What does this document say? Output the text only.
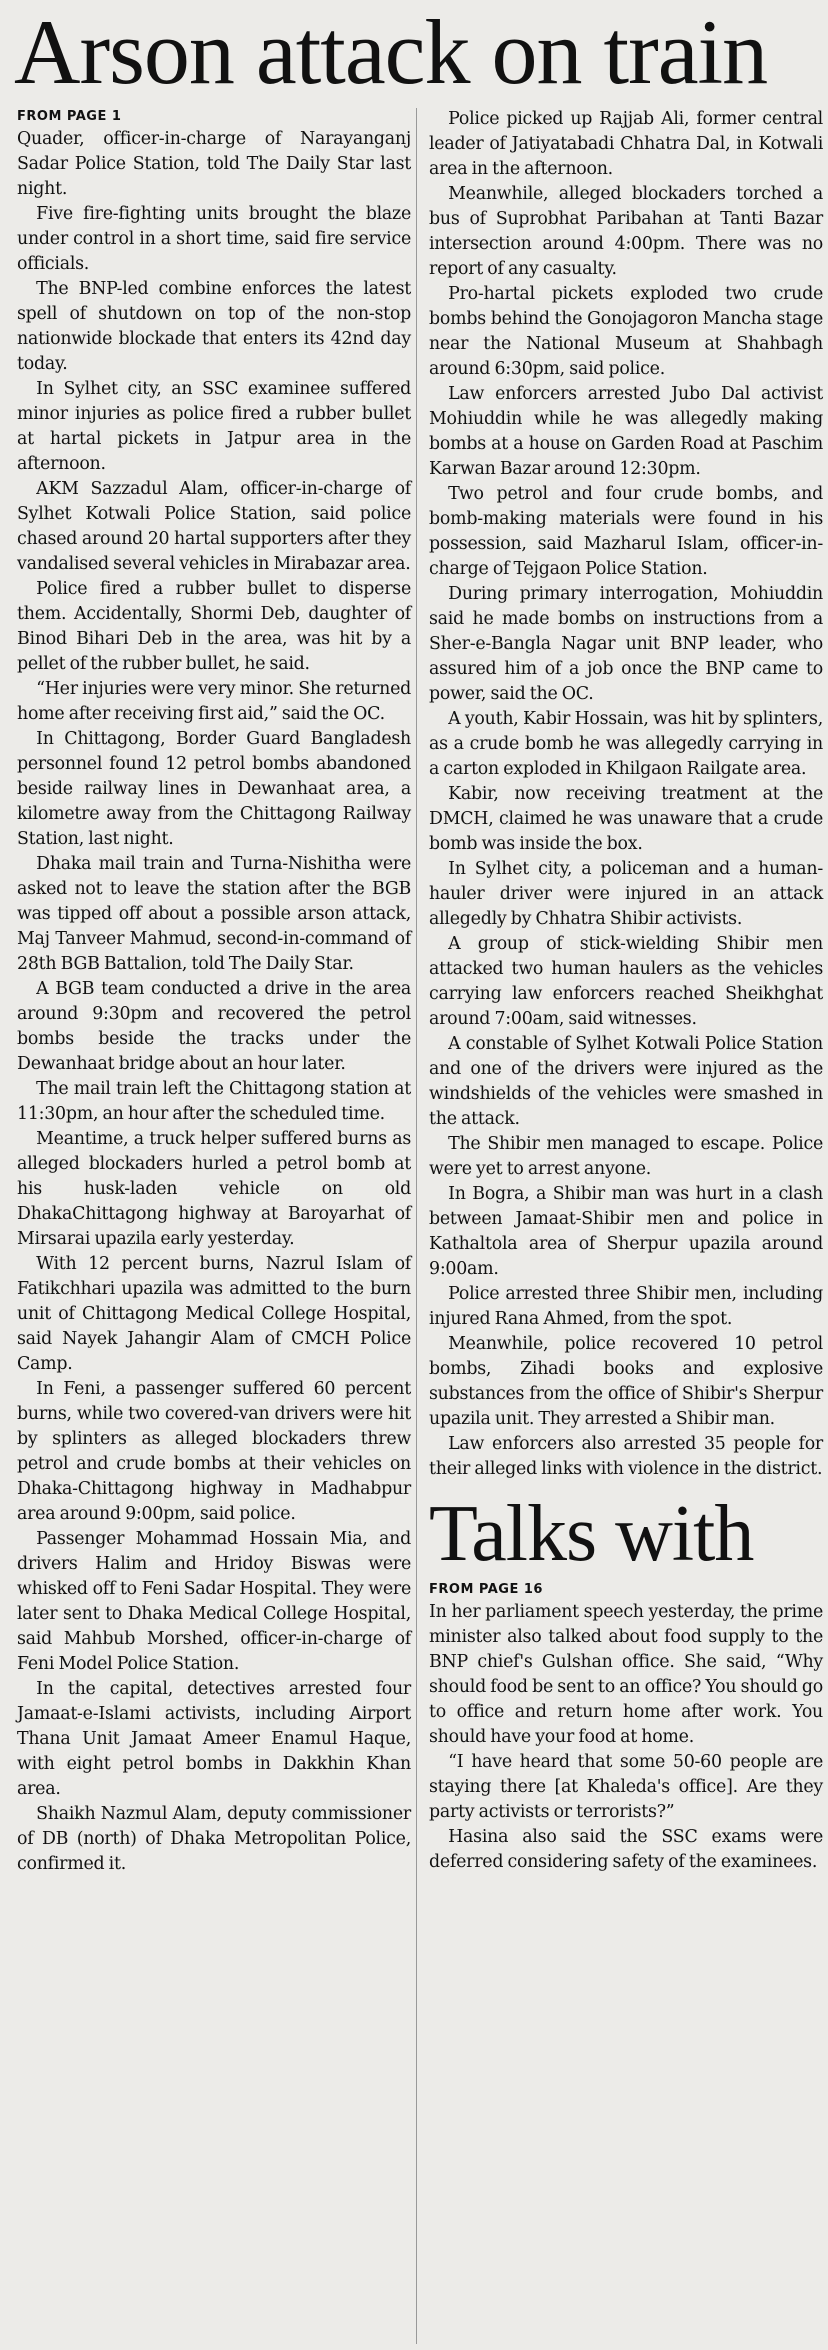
Arson attack on train
FROM PAGE 1

Quader, officer-in-charge of Narayanganj Sadar Police Station, told The Daily Star last night.

Five fire-fighting units brought the blaze under control in a short time, said fire service officials.

The BNP-led combine enforces the latest spell of shutdown on top of the non-stop nationwide blockade that enters its 42nd day today.

In Sylhet city, an SSC examinee suffered minor injuries as police fired a rubber bullet at hartal pickets in Jatpur area in the afternoon.

AKM Sazzadul Alam, officer-in-charge of Sylhet Kotwali Police Station, said police chased around 20 hartal supporters after they vandalised several vehicles in Mirabazar area.

Police fired a rubber bullet to disperse them. Accidentally, Shormi Deb, daughter of Binod Bihari Deb in the area, was hit by a pellet of the rubber bullet, he said.

“Her injuries were very minor. She returned home after receiving first aid,” said the OC.

In Chittagong, Border Guard Bangladesh personnel found 12 petrol bombs abandoned beside railway lines in Dewanhaat area, a kilometre away from the Chittagong Railway Station, last night.

Dhaka mail train and Turna-Nishitha were asked not to leave the station after the BGB was tipped off about a possible arson attack, Maj Tanveer Mahmud, second-in-command of 28th BGB Battalion, told The Daily Star.

A BGB team conducted a drive in the area around 9:30pm and recovered the petrol bombs beside the tracks under the Dewanhaat bridge about an hour later.

The mail train left the Chittagong station at 11:30pm, an hour after the scheduled time.

Meantime, a truck helper suffered burns as alleged blockaders hurled a petrol bomb at his husk-laden vehicle on old DhakaChittagong highway at Baroyarhat of Mirsarai upazila early yesterday.

With 12 percent burns, Nazrul Islam of Fatikchhari upazila was admitted to the burn unit of Chittagong Medical College Hospital, said Nayek Jahangir Alam of CMCH Police Camp.

In Feni, a passenger suffered 60 percent burns, while two covered-van drivers were hit by splinters as alleged blockaders threw petrol and crude bombs at their vehicles on Dhaka-Chittagong highway in Madhabpur area around 9:00pm, said police.

Passenger Mohammad Hossain Mia, and drivers Halim and Hridoy Biswas were whisked off to Feni Sadar Hospital. They were later sent to Dhaka Medical College Hospital, said Mahbub Morshed, officer-in-charge of Feni Model Police Station.

In the capital, detectives arrested four Jamaat-e-Islami activists, including Airport Thana Unit Jamaat Ameer Enamul Haque, with eight petrol bombs in Dakkhin Khan area.

Shaikh Nazmul Alam, deputy commissioner of DB (north) of Dhaka Metropolitan Police, confirmed it.

Police picked up Rajjab Ali, former central leader of Jatiyatabadi Chhatra Dal, in Kotwali area in the afternoon.

Meanwhile, alleged blockaders torched a bus of Suprobhat Paribahan at Tanti Bazar intersection around 4:00pm. There was no report of any casualty.

Pro-hartal pickets exploded two crude bombs behind the Gonojagoron Mancha stage near the National Museum at Shahbagh around 6:30pm, said police.

Law enforcers arrested Jubo Dal activist Mohiuddin while he was allegedly making bombs at a house on Garden Road at Paschim Karwan Bazar around 12:30pm.

Two petrol and four crude bombs, and bomb-making materials were found in his possession, said Mazharul Islam, officer-in-charge of Tejgaon Police Station.

During primary interrogation, Mohiuddin said he made bombs on instructions from a Sher-e-Bangla Nagar unit BNP leader, who assured him of a job once the BNP came to power, said the OC.

A youth, Kabir Hossain, was hit by splinters, as a crude bomb he was allegedly carrying in a carton exploded in Khilgaon Railgate area.

Kabir, now receiving treatment at the DMCH, claimed he was unaware that a crude bomb was inside the box.

In Sylhet city, a policeman and a human-hauler driver were injured in an attack allegedly by Chhatra Shibir activists.

A group of stick-wielding Shibir men attacked two human haulers as the vehicles carrying law enforcers reached Sheikhghat around 7:00am, said witnesses.

A constable of Sylhet Kotwali Police Station and one of the drivers were injured as the windshields of the vehicles were smashed in the attack.

The Shibir men managed to escape. Police were yet to arrest anyone.

In Bogra, a Shibir man was hurt in a clash between Jamaat-Shibir men and police in Kathaltola area of Sherpur upazila around 9:00am.

Police arrested three Shibir men, including injured Rana Ahmed, from the spot.

Meanwhile, police recovered 10 petrol bombs, Zihadi books and explosive substances from the office of Shibir's Sherpur upazila unit. They arrested a Shibir man.

Law enforcers also arrested 35 people for their alleged links with violence in the district.

Talks with
FROM PAGE 16

In her parliament speech yesterday, the prime minister also talked about food supply to the BNP chief's Gulshan office. She said, “Why should food be sent to an office? You should go to office and return home after work. You should have your food at home.

“I have heard that some 50-60 people are staying there [at Khaleda's office]. Are they party activists or terrorists?”

Hasina also said the SSC exams were deferred considering safety of the examinees.
